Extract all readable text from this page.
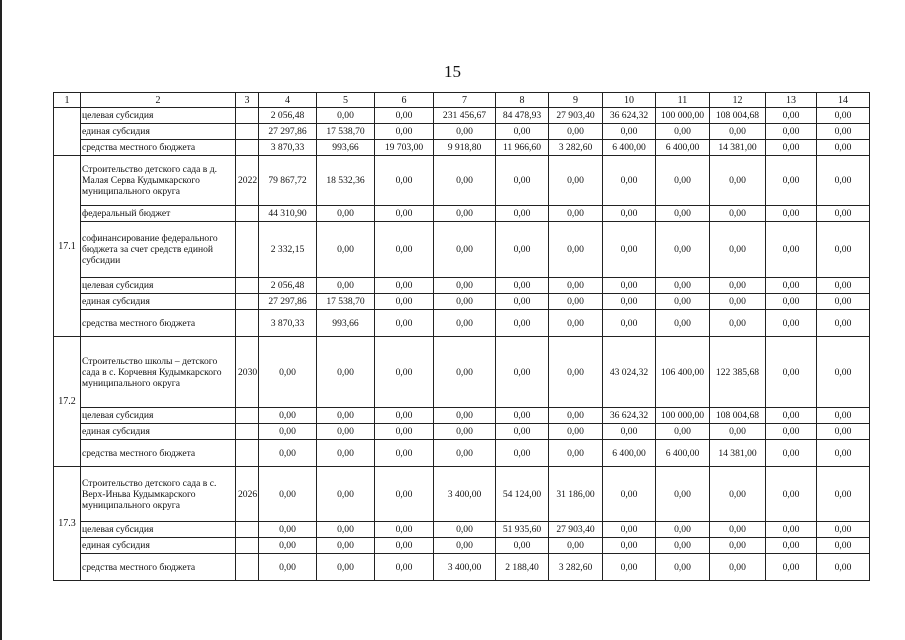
15
1	2	3	4	5	6	7	8	9	10	11	12	13	14
	целевая субсидия		2 056,48	0,00	0,00	231 456,67	84 478,93	27 903,40	36 624,32	100 000,00	108 004,68	0,00	0,00
	единая субсидия		27 297,86	17 538,70	0,00	0,00	0,00	0,00	0,00	0,00	0,00	0,00	0,00
	средства местного бюджета		3 870,33	993,66	19 703,00	9 918,80	11 966,60	3 282,60	6 400,00	6 400,00	14 381,00	0,00	0,00
17.1	Строительство детского сада в д. Малая Серва Кудымкарского муниципального округа	2022	79 867,72	18 532,36	0,00	0,00	0,00	0,00	0,00	0,00	0,00	0,00	0,00
	федеральный бюджет		44 310,90	0,00	0,00	0,00	0,00	0,00	0,00	0,00	0,00	0,00	0,00
	софинансирование федерального бюджета за счет средств единой субсидии		2 332,15	0,00	0,00	0,00	0,00	0,00	0,00	0,00	0,00	0,00	0,00
	целевая субсидия		2 056,48	0,00	0,00	0,00	0,00	0,00	0,00	0,00	0,00	0,00	0,00
	единая субсидия		27 297,86	17 538,70	0,00	0,00	0,00	0,00	0,00	0,00	0,00	0,00	0,00
	средства местного бюджета		3 870,33	993,66	0,00	0,00	0,00	0,00	0,00	0,00	0,00	0,00	0,00
17.2	Строительство школы – детского сада в с. Корчевня Кудымкарского муниципального округа	2030	0,00	0,00	0,00	0,00	0,00	0,00	43 024,32	106 400,00	122 385,68	0,00	0,00
	целевая субсидия		0,00	0,00	0,00	0,00	0,00	0,00	36 624,32	100 000,00	108 004,68	0,00	0,00
	единая субсидия		0,00	0,00	0,00	0,00	0,00	0,00	0,00	0,00	0,00	0,00	0,00
	средства местного бюджета		0,00	0,00	0,00	0,00	0,00	0,00	6 400,00	6 400,00	14 381,00	0,00	0,00
17.3	Строительство детского сада в с. Верх-Иньва Кудымкарского муниципального округа	2026	0,00	0,00	0,00	3 400,00	54 124,00	31 186,00	0,00	0,00	0,00	0,00	0,00
	целевая субсидия		0,00	0,00	0,00	0,00	51 935,60	27 903,40	0,00	0,00	0,00	0,00	0,00
	единая субсидия		0,00	0,00	0,00	0,00	0,00	0,00	0,00	0,00	0,00	0,00	0,00
	средства местного бюджета		0,00	0,00	0,00	3 400,00	2 188,40	3 282,60	0,00	0,00	0,00	0,00	0,00
